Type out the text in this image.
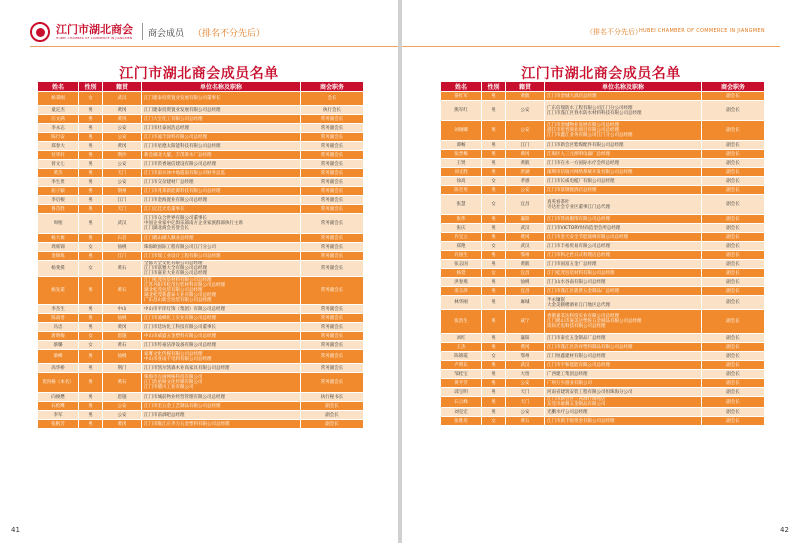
江门市湖北商会
HUBEI CHAMBER OF COMMERCE IN JIANGMEN 商会成员 （排名不分先后）
江门市湖北商会成员名单
姓名	性别	籍贯	单位名称及职称	商会职务
杨秉刚	女	武汉	江门建泰投资置业发展有限公司董事长	会长
童定杰	男	黄冈	江门建泰投资置业发展有限公司总经理	执行会长
汪文满	男	黄冈	江门大宝化工有限公司总经理	常务副会长
李永志	男	公安	江门市壮泰国浩总经理	常务副会长
陈行安	男	公安	江门市凌丰涂料有限公司总经理	常务副会长
郑春大	男	黄冈	江门市星德太阳能科技有限公司总经理	常务副会长
付华轩	男	荆沙	新会湖北大厦、丰茂茶水厂总经理	常务副会长
曾文七	男	公安	江门市茨香通信建设有限公司总经理	常务副会长
黄杰	男	天门	江门市南尔冰中地霞南有限公司财务总监	常务副会长
李生贵	男	公安	江门市交杂建材厂总经理	常务副会长
屈子颖	男	荆州	江门市兆莱新能源科技有限公司总经理	常务副会长
李启根	男	江门	江门市金海置业有限公司总经理	常务副会长
鲁首胜	男	天门	江门亿佳光电董事长	常务副会长
周栢	男	武汉	江门市众合世界有限公司董事长
中国企业家中亿俱乐部南方企业家族群部执行主席
江门湖北商会名誉会长	常务副会长
杨大俊	男	石首	江门鹤山湖人顺业总经理	常务副会长
周席锦	女	仙桃	珠海欧国际工程有限公司江门分公司	常务副会长
金锦炼	男	江门	江门市瑞工业设计工程有限公司总经理	常务副会长
杨斐援	女	黄石	全都大全文化有限公司总经理
江门市富雅大全有限公司总经理
江门市嘉亚大业有限公司总经理	常务副会长
杨先诺	男	黄石	江门松茂包装材料有限公司总经理
江苏丹阳市松茂包装材料有限公司总经理
湖北松茂包装有限公司总经理
湖北松茂新鑫泰大业有限公司总经理
广东昌山新会包装有限公司总经理	常务副会长
李杰生	男	中山	中山市平洋灯饰（集团）有限公司总经理	常务副会长
陈南善	男	仙桃	江门市凌峰化工实业有限公司总经理	常务副会长
冯忠	男	黄冈	江门市廷坊化工科技有限公司董事长	常务副会长
唐明梅	女	恩施	中山市威盛五金塑料有限公司总经理	常务副会长
蔡璐	女	黄石	江门市传豪洁净设备有限公司总经理	常务副会长
梁峰	男	仙桃	家雾文化传媒有限公司总经理
中山市喜雨千电料有限公司总经理	常务副会长
高华桥	男	荆门	江门市凯尔凯森木业高家具有限公司总经理	常务副会长
贺再格（本名）	男	黄石	珠海市点画网格科技有限公司
江门浩星杨文化传媒有限公司
江门市德川工业有限公司	常务副会长
向俊懋	男	恩施	江门市城前物业经营管理有限公司总经理	执行秘书长
石伦鹰	男	公安	江门市宏五金工艺制品有限公司总经理	副会长
李军	男	公安	江门市前酒吧总经理	副会长
张帆芳	男	黄冈	江门市陇江庄齐力五金塑料有限公司总经理	副会长
41
（排名不分先后）
HUBEI CHAMBER OF COMMERCE IN JIANGMEN
江门市湖北商会成员名单
姓名	性别	籍贯	单位名称及职称	商会职务
晏红军	男	黄陂	江门市金城大酒店总经理	副会长
熊军红	男	公安	广东信瑞防水工程有限公司江门分公司经理
江门市蓬江区春水防水材料科技有限公司总经理	副会长
刘锡卿	男	公安	江门市金城物业发展有限公司总经理
湛江市星晋商业项目有限公司总经理
江门市鑫江业务有限公司江门分公司总经理	副会长
谭畅	男	江门	江门市新会区紫煤配件有限公司总经理	副会长
张晋梅	男	黄冈	江海区人三元照明电器厂总经理	副会长
王贤	男	黄陂	江门市在水一方国际水疗会所总经理	副会长
刘丈胜	男	洪湖	深圳市信坡兴网络系统开发有限公司总经理	副会长
徐高	女	孝感	江门市长威电缆厂有限公司总经理	副会长
陈宅英	男	公安	江门市富钢置酒店总经理	副会长
张慧	女	宜昌	真英看茶叶
寺达社会专业区董事江门总代理	副会长
张伟	男	襄阳	江门市管尚服饰有限公司总经理	副会长
张庆	男	武汉	江门市VICTORY时尚造型会所总经理	副会长
许宝立	男	黄冈	江门市金天安全节能玻璃有限公司总经理	副会长
郑艳	女	武汉	江门市丰裕贸易有限公司总经理	副会长
许国生	男	鄂州	江门市和之匠日式料理店总经理	副会长
张志国	男	黄陂	江门市国富五金厂总经理	副会长
杨萱	女	宜昌	江门松茂包装材料有限公司总经理	副会长
洪春燕	男	仙桃	江门山水谷南有限公司总经理	副会长
余玉萍	男	宜昌	江门市蓬江区就贤五金制品厂总经理	副会长
林华刚	男	麻城	半永镶嵌
大金美鹤楼酒业江门地区总代理	副会长
张浩生	男	咸宁	香港嘉美达科技实业有限公司总经理
江门鹤山市嘉美达塑胶五金制品有限公司总经理
读尚光电科技有限公司总经理	副会长
刘红	男	襄阳	江门市泰宏五金制品厂总经理	副会长
王杰	男	黄冈	江门市蓬江区浩祥塑料制品有限公司总经理	副会长
陈锦霞	女	鄂州	江门恒鑫建材有限公司总经理	副会长
卢明东	男	武汉	江门市宇和能能有限公司总经理	副会长
邹桂宝	男	大悟	广西建工集团总经理	副会长
黄平芳	男	公安	广州万少游业有限公司	副会长
邱宝明	男	天门	河南省建筑安装工程有限公司恒珠海分公司	副会长
石云峰	男	天门	江门市新会区三茜酒行锦苑店
东莞市敢舞五金制品有限公司	副会长
刘克宏	男	公安	光鹏水疗公司总经理	副会长
张胜培	女	黄石	江门市新丰悦资金有限公司总经理	副会长
42
